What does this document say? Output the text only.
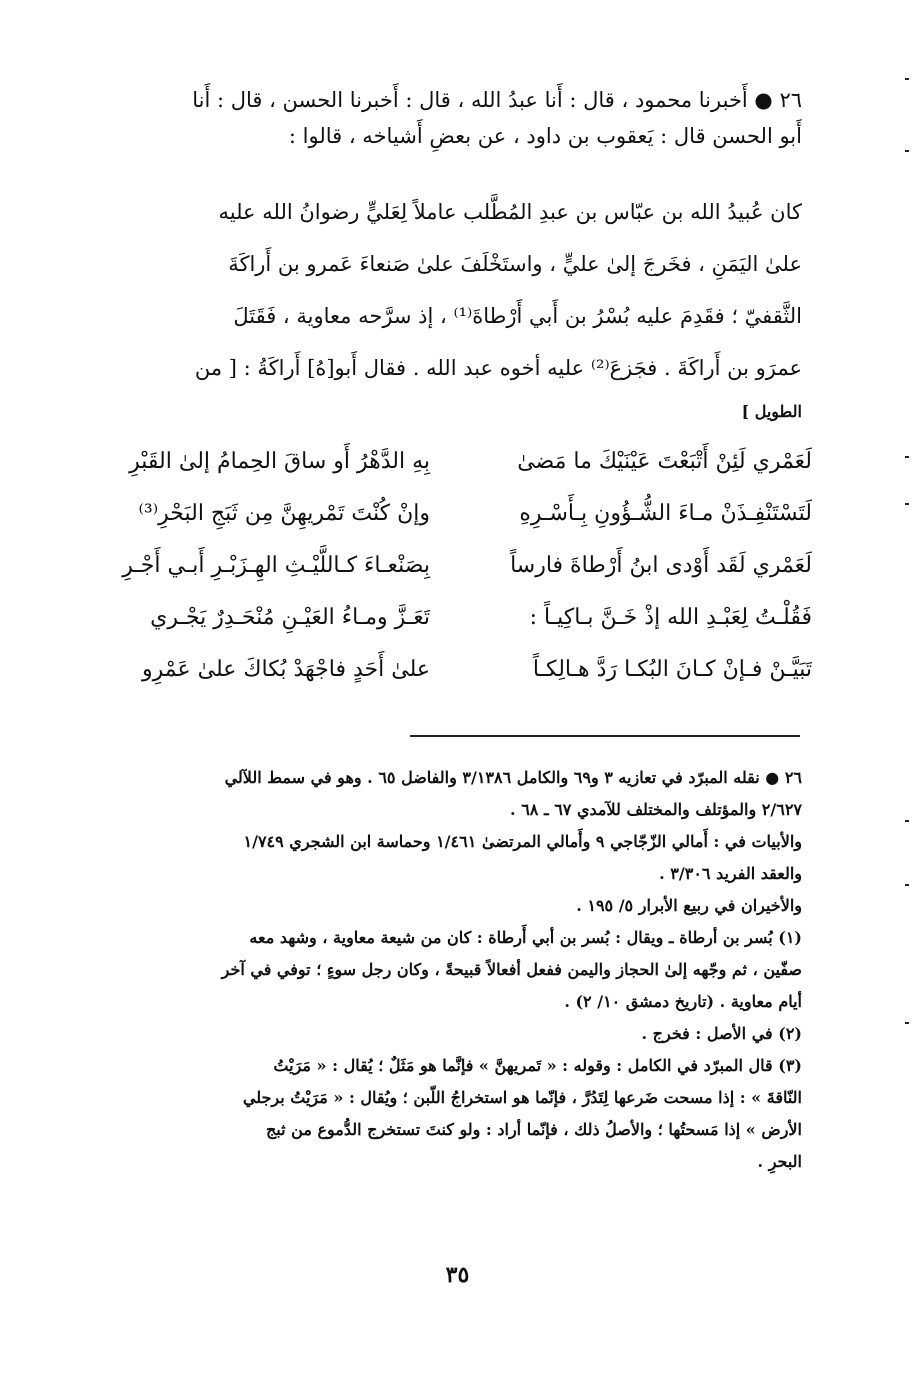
٢٦ ● أَخبرنا محمود ، قال : أَنا عبدُ الله ، قال : أَخبرنا الحسن ، قال : أَنا
أَبو الحسن قال : يَعقوب بن داود ، عن بعضِ أَشياخه ، قالوا :
كان عُبيدُ الله بن عبّاس بن عبدِ المُطَّلب عاملاً لِعَليٍّ رضوانُ الله عليه
علىٰ اليَمَنِ ، فخَرجَ إلىٰ عليٍّ ، واستَخْلَفَ علىٰ صَنعاءَ عَمرو بن أَراكَةَ
الثَّقفيّ ؛ فقَدِمَ عليه بُسْرُ بن أَبي أَرْطاةَ⁽¹⁾ ، إذ سرَّحه معاوية ، فَقَتَلَ
عمرَو بن أَراكَةَ . فجَزعَ⁽²⁾ عليه أخوه عبد الله . فقال أَبو[هُ] أَراكَةُ : [ من
الطويل ]
لَعَمْري لَئِنْ أَتْبَعْتَ عَيْنَيْكَ ما مَضىٰ
بِهِ الدَّهْرُ أَو ساقَ الحِمامُ إلىٰ القَبْرِ
لَتَسْتَنْفِـذَنْ مـاءَ الشُّـؤُونِ بِـأَسْـرِهِ
وإنْ كُنْتَ تَمْريهِنَّ مِن ثَبَجِ البَحْرِ⁽³⁾
لَعَمْري لَقَد أَوْدى ابنُ أَرْطاةَ فارساً
بِصَنْعـاءَ كـاللَّيْـثِ الهِـزَبْـرِ أَبـي أَجْـرِ
فَقُلْـتُ لِعَبْـدِ الله إذْ خَـنَّ بـاكِيـاً :
تَعَـزَّ ومـاءُ العَيْـنِ مُنْحَـدِرٌ يَجْـري
تَبَيَّـنْ فـإنْ كـانَ البُكـا رَدَّ هـالِكـاً
علىٰ أَحَدٍ فاجْهَدْ بُكاكَ علىٰ عَمْرِو
٢٦ ● نقله المبرّد في تعازيه ٣ و٦٩ والكامل ٣/١٣٨٦ والفاضل ٦٥ . وهو في سمط اللآلي
٢/٦٢٧ والمؤتلف والمختلف للآمدي ٦٧ ـ ٦٨ .
والأبيات في : أَمالي الزّجّاجي ٩ وأَمالي المرتضىٰ ١/٤٦١ وحماسة ابن الشجري ١/٧٤٩
والعقد الفريد ٣/٣٠٦ .
والأخيران في ربيع الأبرار ٥/ ١٩٥ .
(١) بُسر بن أرطاة ـ ويقال : بُسر بن أبي أَرطاة : كان من شيعة معاوية ، وشهد معه
صفّين ، ثم وجّهه إلىٰ الحجاز واليمن ففعل أفعالاً قبيحةً ، وكان رجل سوءٍ ؛ توفي في آخر
أيام معاوية . (تاريخ دمشق ١٠/ ٢) .
(٢) في الأصل : فخرج .
(٣) قال المبرّد في الكامل : وقوله : « تَمريهنَّ » فإنَّما هو مَثَلٌ ؛ يُقال : « مَرَيْتُ
النّاقةَ » : إذا مسحت ضَرعها لِتَدُرَّ ، فإنّما هو استخراجُ اللّبن ؛ ويُقال : « مَرَيْتُ برجلي
الأرض » إذا مَسحتُها ؛ والأصلُ ذلك ، فإنّما أراد : ولو كنتَ تستخرج الدُّموع من ثبج
البحرِ .
٣٥
